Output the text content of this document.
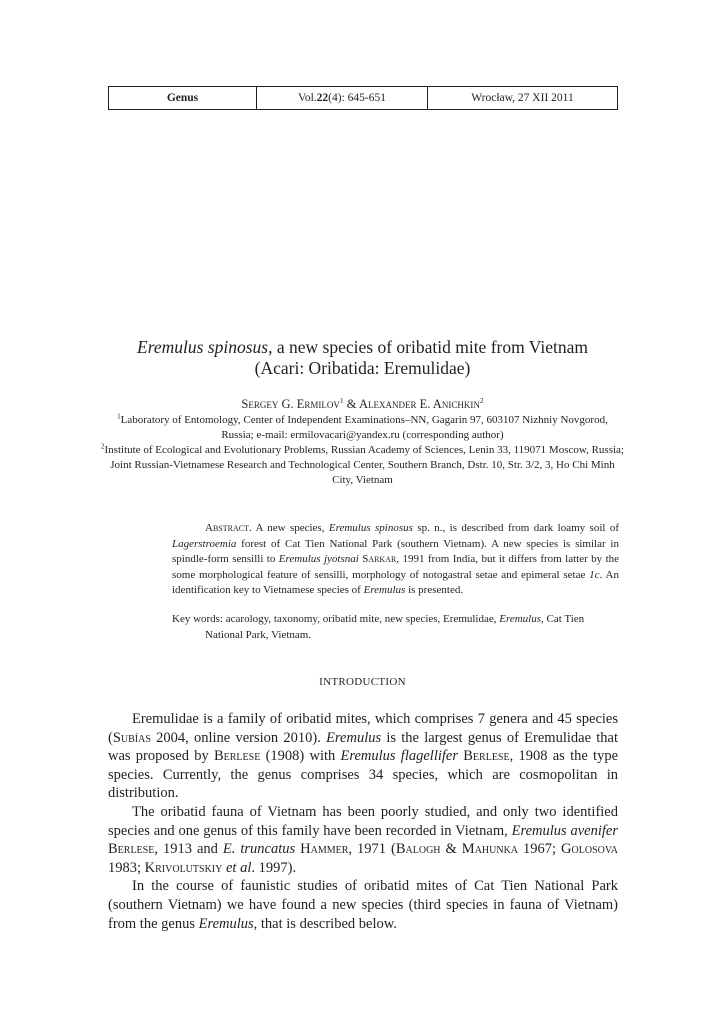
Genus	Vol. 22 (4): 645-651	Wrocław, 27 XII 2011
Eremulus spinosus, a new species of oribatid mite from Vietnam
(Acari: Oribatida: Eremulidae)
Sergey G. Ermilov$^1$ & Alexander E. Anichkin$^2$
$^1$Laboratory of Entomology, Center of Independent Examinations–NN, Gagarin 97, 603107 Nizhniy Novgorod, Russia; e-mail: ermilovacari@yandex.ru (corresponding author)
$^2$Institute of Ecological and Evolutionary Problems, Russian Academy of Sciences, Lenin 33, 119071 Moscow, Russia; Joint Russian-Vietnamese Research and Technological Center, Southern Branch, Dstr. 10, Str. 3/2, 3, Ho Chi Minh City, Vietnam
Abstract. A new species, Eremulus spinosus sp. n., is described from dark loamy soil of Lagerstroemia forest of Cat Tien National Park (southern Vietnam). A new species is similar in spindle-form sensilli to Eremulus jyotsnai Sarkar, 1991 from India, but it differs from latter by the some morphological feature of sensilli, morphology of notogastral setae and epimeral setae 1c. An identification key to Vietnamese species of Eremulus is presented.
Key words: acarology, taxonomy, oribatid mite, new species, Eremulidae, Eremulus, Cat Tien National Park, Vietnam.
INTRODUCTION

Eremulidae is a family of oribatid mites, which comprises 7 genera and 45 species (Subías 2004, online version 2010). Eremulus is the largest genus of Eremulidae that was proposed by Berlese (1908) with Eremulus flagellifer Berlese, 1908 as the type species. Currently, the genus comprises 34 species, which are cosmopolitan in distribution.

The oribatid fauna of Vietnam has been poorly studied, and only two identified species and one genus of this family have been recorded in Vietnam, Eremulus avenifer Berlese, 1913 and E. truncatus Hammer, 1971 (Balogh & Mahunka 1967; Golosova 1983; Krivolutskiy et al. 1997).

In the course of faunistic studies of oribatid mites of Cat Tien National Park (southern Vietnam) we have found a new species (third species in fauna of Vietnam) from the genus Eremulus, that is described below.
